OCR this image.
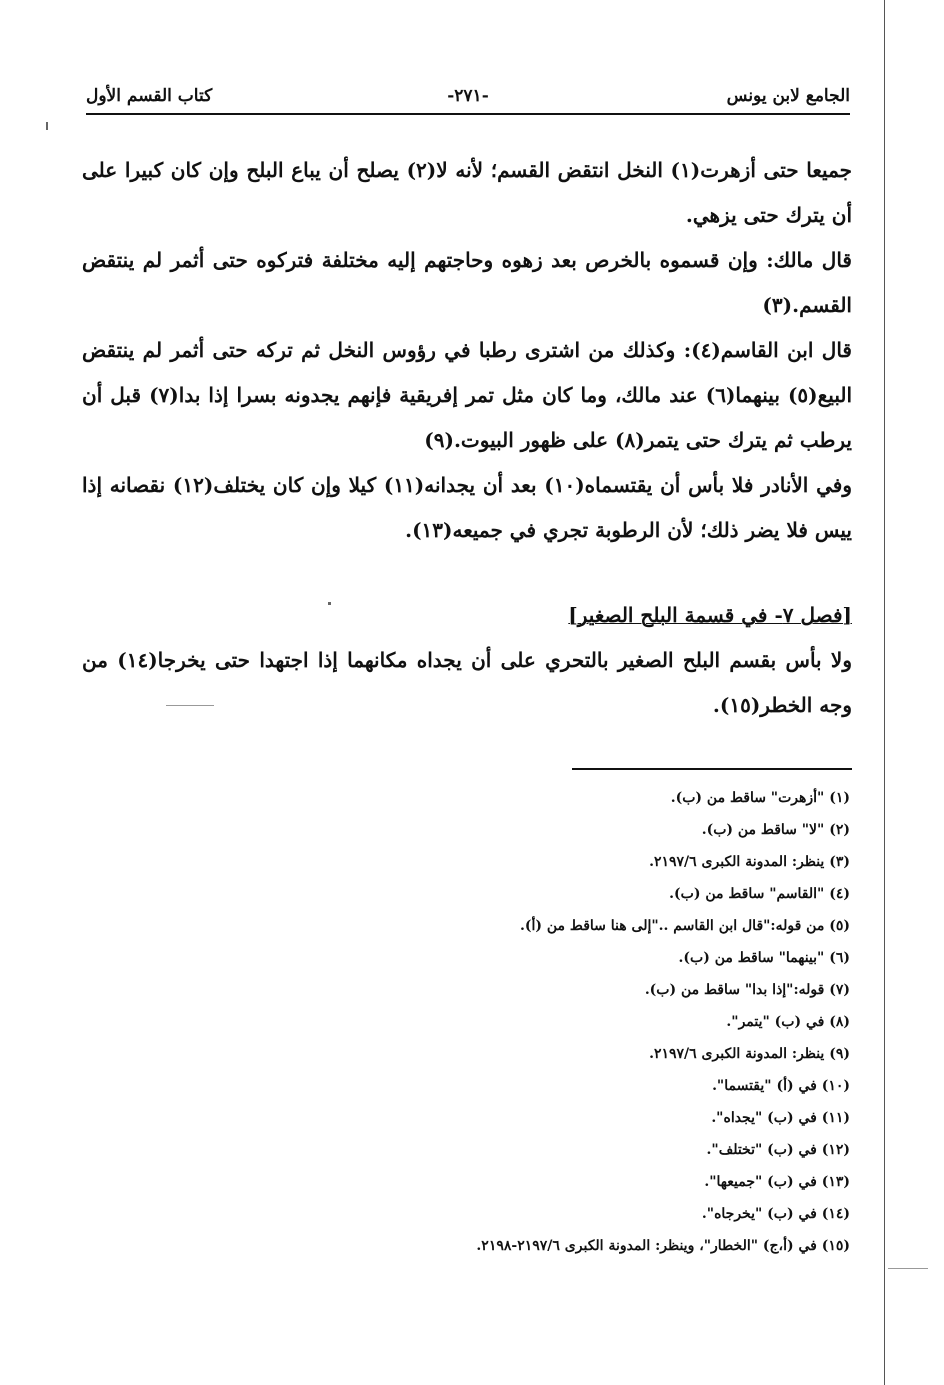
الجامع لابن يونس
-٢٧١-
كتاب القسم الأول

جميعا حتى أزهرت(١) النخل انتقض القسم؛ لأنه لا(٢) يصلح أن يباع البلح وإن كان كبيرا على أن يترك حتى يزهي.

قال مالك: وإن قسموه بالخرص بعد زهوه وحاجتهم إليه مختلفة فتركوه حتى أثمر لم ينتقض القسم.(٣)

قال ابن القاسم(٤): وكذلك من اشترى رطبا في رؤوس النخل ثم تركه حتى أثمر لم ينتقض البيع(٥) بينهما(٦) عند مالك، وما كان مثل تمر إفريقية فإنهم يجدونه بسرا إذا بدا(٧) قبل أن يرطب ثم يترك حتى يتمر(٨) على ظهور البيوت.(٩)

وفي الأنادر فلا بأس أن يقتسماه(١٠) بعد أن يجدانه(١١) كيلا وإن كان يختلف(١٢) نقصانه إذا ييس فلا يضر ذلك؛ لأن الرطوبة تجري في جميعه(١٣).

[فصل ٧- في قسمة البلح الصغير]

ولا بأس بقسم البلح الصغير بالتحري على أن يجداه مكانهما إذا اجتهدا حتى يخرجا(١٤) من وجه الخطر(١٥).

(١) "أزهرت" ساقط من (ب).
(٢) "لا" ساقط من (ب).
(٣) ينظر: المدونة الكبرى ٢١٩٧/٦.
(٤) "القاسم" ساقط من (ب).
(٥) من قوله:"قال ابن القاسم .."إلى هنا ساقط من (أ).
(٦) "بينهما" ساقط من (ب).
(٧) قوله:"إذا بدا" ساقط من (ب).
(٨) في (ب) "يتمر".
(٩) ينظر: المدونة الكبرى ٢١٩٧/٦.
(١٠) في (أ) "يقتسما".
(١١) في (ب) "يجداه".
(١٢) في (ب) "تختلف".
(١٣) في (ب) "جميعها".
(١٤) في (ب) "يخرجاه".
(١٥) في (أ،ج) "الخطار"، وينظر: المدونة الكبرى ٢١٩٧/٦-٢١٩٨.
